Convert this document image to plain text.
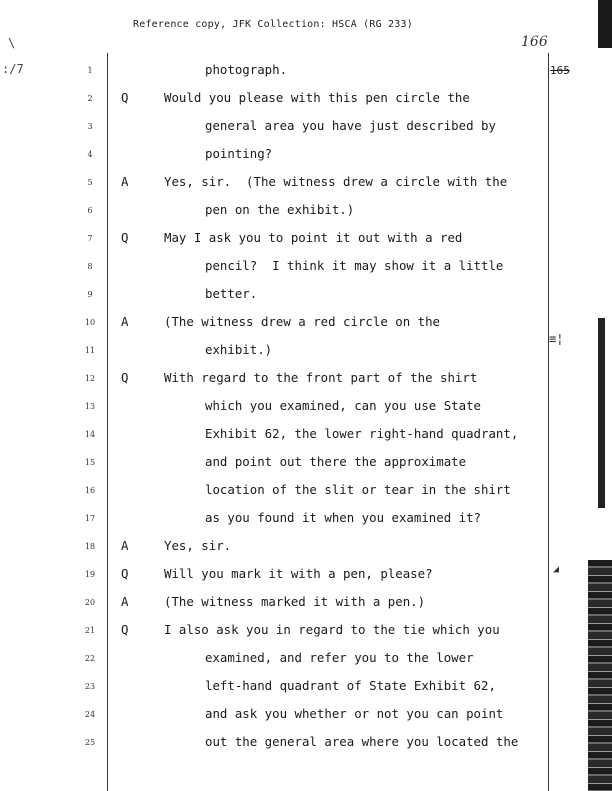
Reference copy, JFK Collection: HSCA (RG 233)
166
165
\
:/7
≡¦
◢
1	photograph.
2	Q	Would you please with this pen circle the
3	general area you have just described by
4	pointing?
5	A	Yes, sir.  (The witness drew a circle with the
6	pen on the exhibit.)
7	Q	May I ask you to point it out with a red
8	pencil?  I think it may show it a little
9	better.
10 A	(The witness drew a red circle on the
11	exhibit.)
12 Q	With regard to the front part of the shirt
13	which you examined, can you use State
14	Exhibit 62, the lower right-hand quadrant,
15	and point out there the approximate
16	location of the slit or tear in the shirt
17	as you found it when you examined it?
18 A	Yes, sir.
19 Q	Will you mark it with a pen, please?
20 A	(The witness marked it with a pen.)
21 Q	I also ask you in regard to the tie which you
22	examined, and refer you to the lower
23	left-hand quadrant of State Exhibit 62,
24	and ask you whether or not you can point
25	out the general area where you located the
